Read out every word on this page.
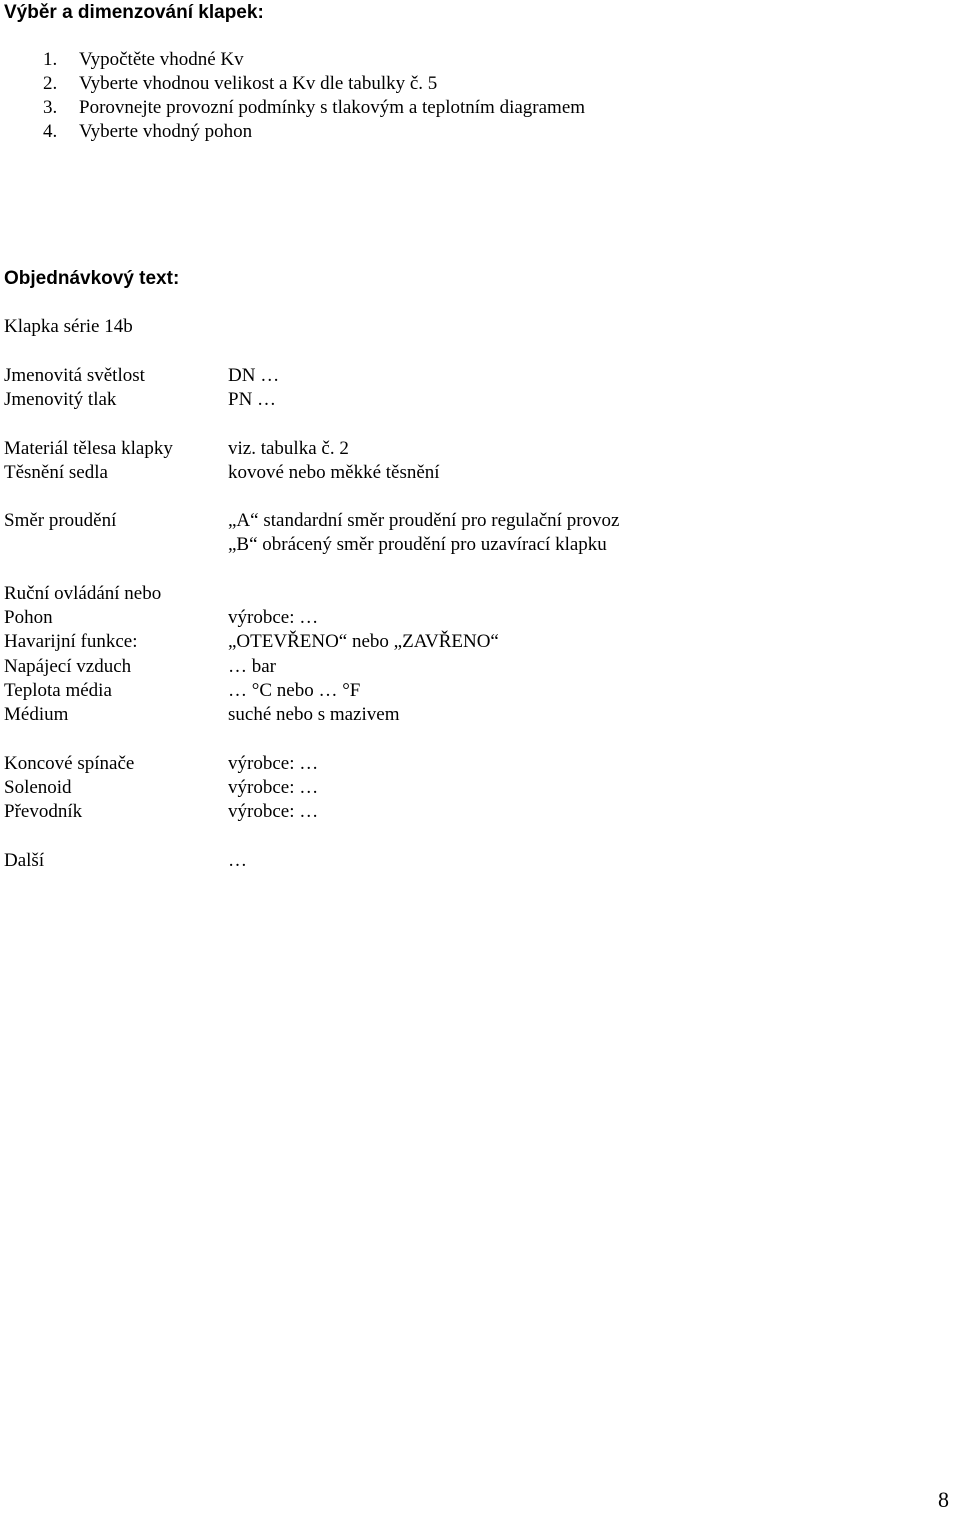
Výběr a dimenzování klapek:
1. Vypočtěte vhodné Kv
2. Vyberte vhodnou velikost a Kv dle tabulky č. 5
3. Porovnejte provozní podmínky s tlakovým a teplotním diagramem
4. Vyberte vhodný pohon
Objednávkový text:
Klapka série 14b
Jmenovitá světlost	DN …
Jmenovitý tlak	PN …
Materiál tělesa klapky	viz. tabulka č. 2
Těsnění sedla	kovové nebo měkké těsnění
Směr proudění	„A“ standardní směr proudění pro regulační provoz
„B“ obrácený směr proudění pro uzavírací klapku
Ruční ovládání nebo
Pohon	výrobce: …
Havarijní funkce:	„OTEVŘENO“ nebo „ZAVŘENO“
Napájecí vzduch	… bar
Teplota média	… °C nebo … °F
Médium	suché nebo s mazivem
Koncové spínače	výrobce: …
Solenoid	výrobce: …
Převodník	výrobce: …
Další	…
8
